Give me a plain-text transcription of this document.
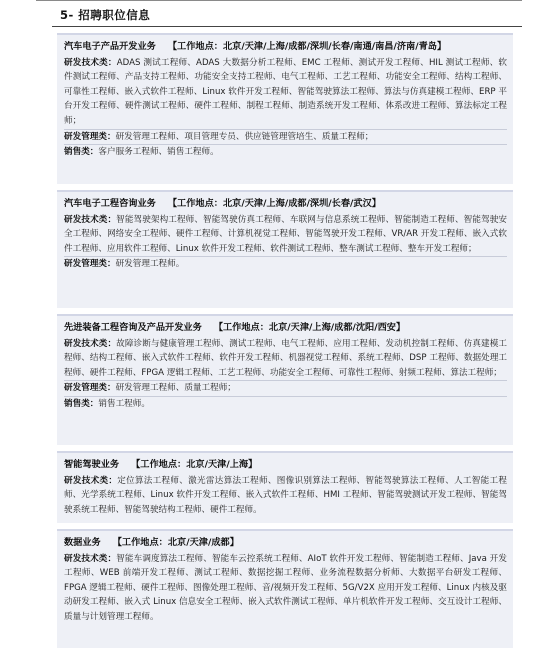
5- 招聘职位信息
汽车电子产品开发业务 【工作地点：北京/天津/上海/成都/深圳/长春/南通/南昌/济南/青岛】

研发技术类：ADAS 测试工程师、ADAS 大数据分析工程师、EMC 工程师、测试开发工程师、HIL 测试工程师、软件测试工程师、产品支持工程师、功能安全支持工程师、电气工程师、工艺工程师、功能安全工程师、结构工程师、可靠性工程师、嵌入式软件工程师、Linux 软件开发工程师、智能驾驶算法工程师、算法与仿真建模工程师、ERP 平台开发工程师、硬件测试工程师、硬件工程师、制程工程师、制造系统开发工程师、体系改进工程师、算法标定工程师；

研发管理类：研发管理工程师、项目管理专员、供应链管理管培生、质量工程师；

销售类：客户服务工程师、销售工程师。

汽车电子工程咨询业务 【工作地点：北京/天津/上海/成都/深圳/长春/武汉】

研发技术类：智能驾驶架构工程师、智能驾驶仿真工程师、车联网与信息系统工程师、智能制造工程师、智能驾驶安全工程师、网络安全工程师、硬件工程师、计算机视觉工程师、智能驾驶开发工程师、VR/AR 开发工程师、嵌入式软件工程师、应用软件工程师、Linux 软件开发工程师、软件测试工程师、整车测试工程师、整车开发工程师；

研发管理类：研发管理工程师。

先进装备工程咨询及产品开发业务 【工作地点：北京/天津/上海/成都/沈阳/西安】

研发技术类：故障诊断与健康管理工程师、测试工程师、电气工程师、应用工程师、发动机控制工程师、仿真建模工程师、结构工程师、嵌入式软件工程师、软件开发工程师、机器视觉工程师、系统工程师、DSP 工程师、数据处理工程师、硬件工程师、FPGA 逻辑工程师、工艺工程师、功能安全工程师、可靠性工程师、射频工程师、算法工程师；

研发管理类：研发管理工程师、质量工程师；

销售类：销售工程师。

智能驾驶业务 【工作地点：北京/天津/上海】

研发技术类：定位算法工程师、激光雷达算法工程师、图像识别算法工程师、智能驾驶算法工程师、人工智能工程师、光学系统工程师、Linux 软件开发工程师、嵌入式软件工程师、HMI 工程师、智能驾驶测试开发工程师、智能驾驶系统工程师、智能驾驶结构工程师、硬件工程师。

数据业务 【工作地点：北京/天津/成都】

研发技术类：智能车调度算法工程师、智能车云控系统工程师、AIoT 软件开发工程师、智能制造工程师、Java 开发工程师、WEB 前端开发工程师、测试工程师、数据挖掘工程师、业务流程数据分析师、大数据平台研发工程师、FPGA 逻辑工程师、硬件工程师、图像处理工程师、音/视频开发工程师、5G/V2X 应用开发工程师、Linux 内核及驱动研发工程师、嵌入式 Linux 信息安全工程师、嵌入式软件测试工程师、单片机软件开发工程师、交互设计工程师、质量与计划管理工程师。
